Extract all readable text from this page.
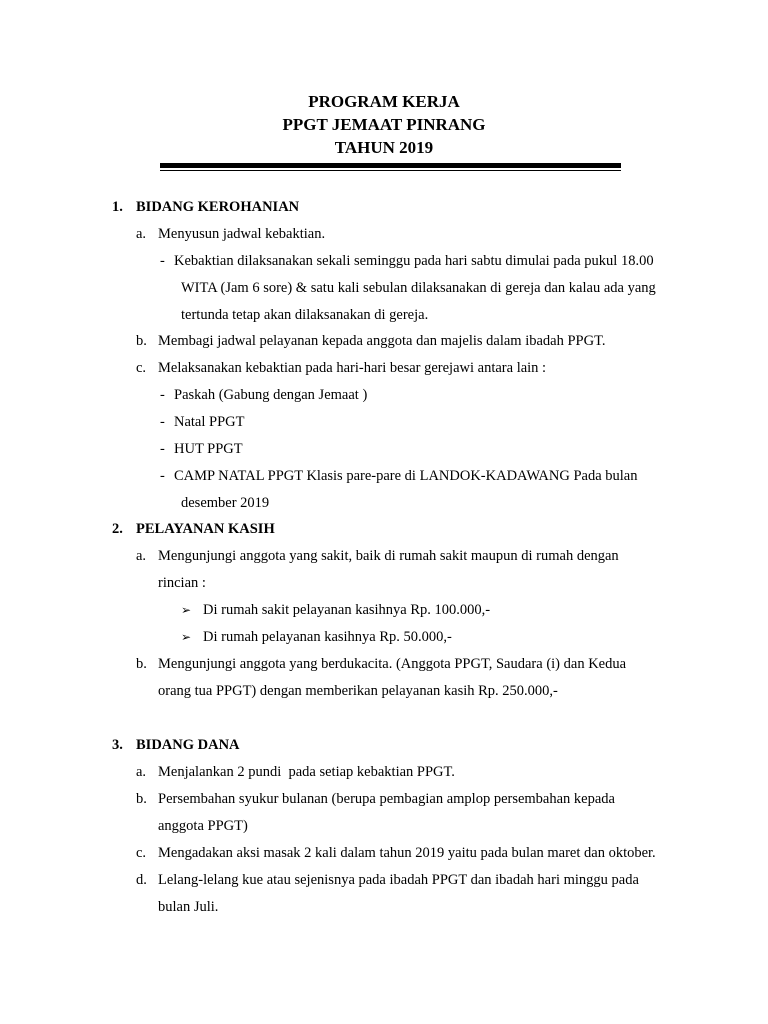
PROGRAM KERJA
PPGT JEMAAT PINRANG
TAHUN 2019
1. BIDANG KEROHANIAN
a. Menyusun jadwal kebaktian.
- Kebaktian dilaksanakan sekali seminggu pada hari sabtu dimulai pada pukul 18.00
WITA (Jam 6 sore) & satu kali sebulan dilaksanakan di gereja dan kalau ada yang
tertunda tetap akan dilaksanakan di gereja.
b. Membagi jadwal pelayanan kepada anggota dan majelis dalam ibadah PPGT.
c. Melaksanakan kebaktian pada hari-hari besar gerejawi antara lain :
- Paskah (Gabung dengan Jemaat )
- Natal PPGT
- HUT PPGT
- CAMP NATAL PPGT Klasis pare-pare di LANDOK-KADAWANG Pada bulan
desember 2019
2. PELAYANAN KASIH
a. Mengunjungi anggota yang sakit, baik di rumah sakit maupun di rumah dengan
rincian :
➢ Di rumah sakit pelayanan kasihnya Rp. 100.000,-
➢ Di rumah pelayanan kasihnya Rp. 50.000,-
b. Mengunjungi anggota yang berdukacita. (Anggota PPGT, Saudara (i) dan Kedua
orang tua PPGT) dengan memberikan pelayanan kasih Rp. 250.000,-
3. BIDANG DANA
a. Menjalankan 2 pundi  pada setiap kebaktian PPGT.
b. Persembahan syukur bulanan (berupa pembagian amplop persembahan kepada
anggota PPGT)
c. Mengadakan aksi masak 2 kali dalam tahun 2019 yaitu pada bulan maret dan oktober.
d. Lelang-lelang kue atau sejenisnya pada ibadah PPGT dan ibadah hari minggu pada
bulan Juli.
